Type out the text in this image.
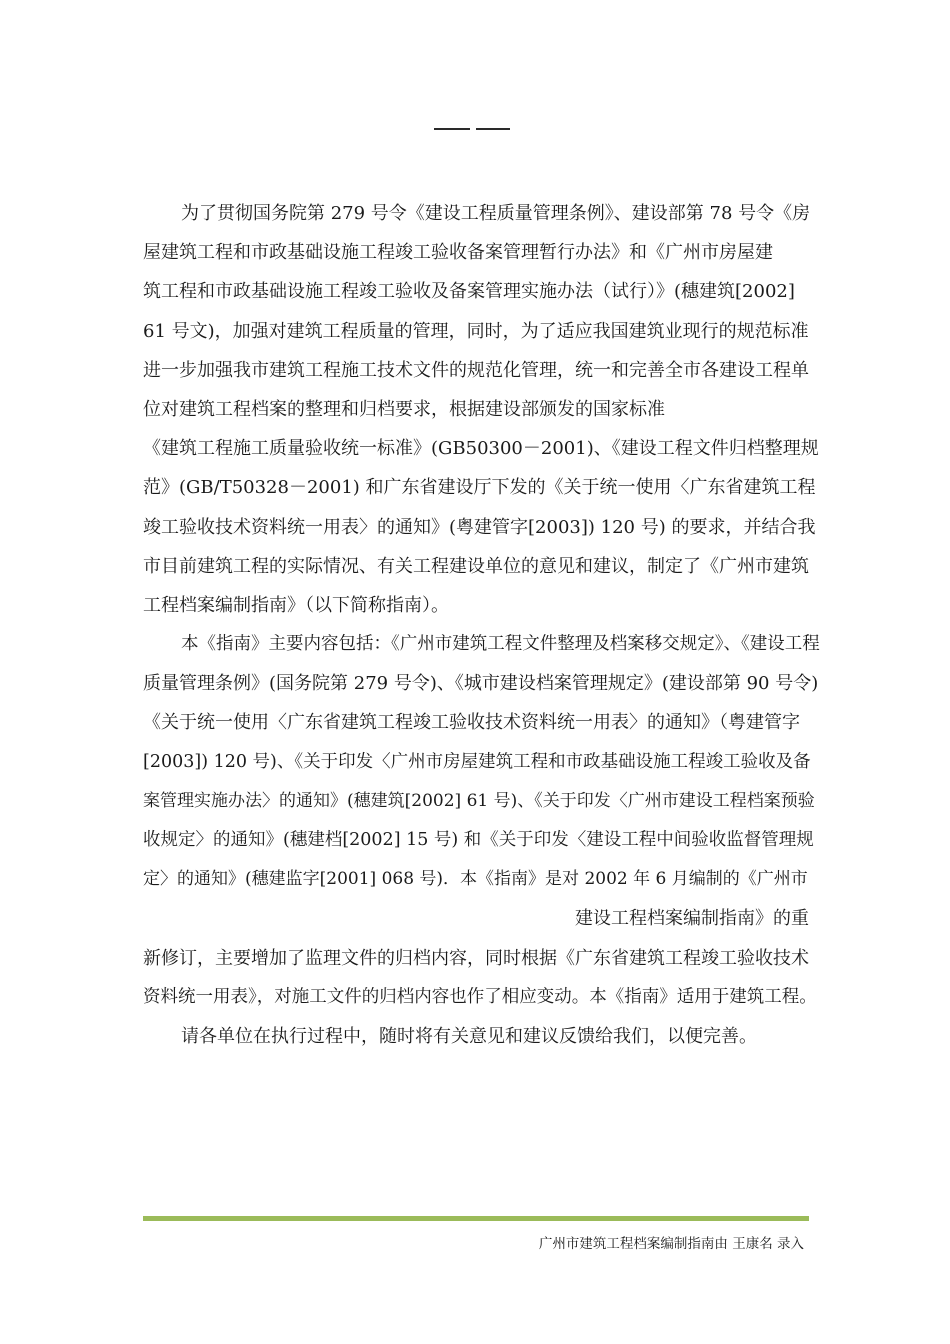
为了贯彻国务院第 279 号令《建设工程质量管理条例》、建设部第 78 号令《房
屋建筑工程和市政基础设施工程竣工验收备案管理暂行办法》和《广州市房屋建
筑工程和市政基础设施工程竣工验收及备案管理实施办法（试行）》(穗建筑[2002]
61 号文)，加强对建筑工程质量的管理，同时，为了适应我国建筑业现行的规范标准
进一步加强我市建筑工程施工技术文件的规范化管理，统一和完善全市各建设工程单
位对建筑工程档案的整理和归档要求，根据建设部颁发的国家标准
《建筑工程施工质量验收统一标准》(GB50300－2001)、《建设工程文件归档整理规
范》(GB/T50328－2001) 和广东省建设厅下发的《关于统一使用〈广东省建筑工程
竣工验收技术资料统一用表〉的通知》(粤建管字[2003]) 120 号) 的要求，并结合我
市目前建筑工程的实际情况、有关工程建设单位的意见和建议，制定了《广州市建筑
工程档案编制指南》（以下简称指南）。
本《指南》主要内容包括：《广州市建筑工程文件整理及档案移交规定》、《建设工程
质量管理条例》(国务院第 279 号令)、《城市建设档案管理规定》(建设部第 90 号令)
《关于统一使用〈广东省建筑工程竣工验收技术资料统一用表〉的通知》（粤建管字
[2003]) 120 号)、《关于印发〈广州市房屋建筑工程和市政基础设施工程竣工验收及备
案管理实施办法〉的通知》(穗建筑[2002] 61 号)、《关于印发〈广州市建设工程档案预验
收规定〉的通知》(穗建档[2002] 15 号) 和《关于印发〈建设工程中间验收监督管理规
定〉的通知》(穗建监字[2001] 068 号)．本《指南》是对 2002 年 6 月编制的《广州市
建设工程档案编制指南》的重
新修订，主要增加了监理文件的归档内容，同时根据《广东省建筑工程竣工验收技术
资料统一用表》，对施工文件的归档内容也作了相应变动。本《指南》适用于建筑工程。
请各单位在执行过程中，随时将有关意见和建议反馈给我们，以便完善。
广州市建筑工程档案编制指南由 王康名 录入
